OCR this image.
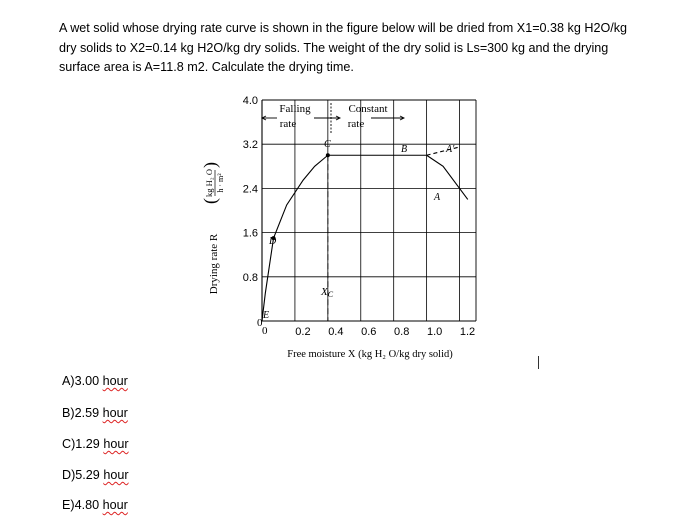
A wet solid whose drying rate curve is shown in the figure below will be dried from X1=0.38 kg H2O/kg
dry solids to X2=0.14 kg H2O/kg dry solids. The weight of the dry solid is Ls=300 kg and the drying
surface area is A=11.8 m2. Calculate the drying time.
0.8
1.6
2.4
3.2
4.0
0.2 0.4 0.6 0.8 1.0 1.2
Falling
rate
Constant
rate
C	B	A′
A
D
E
XC
Drying rate R
(
)
kg H₂ O h · m²
0
0
Free moisture X (kg H₂ O/kg dry solid)
A)3.00 hour
B)2.59 hour
C)1.29 hour
D)5.29 hour
E)4.80 hour
